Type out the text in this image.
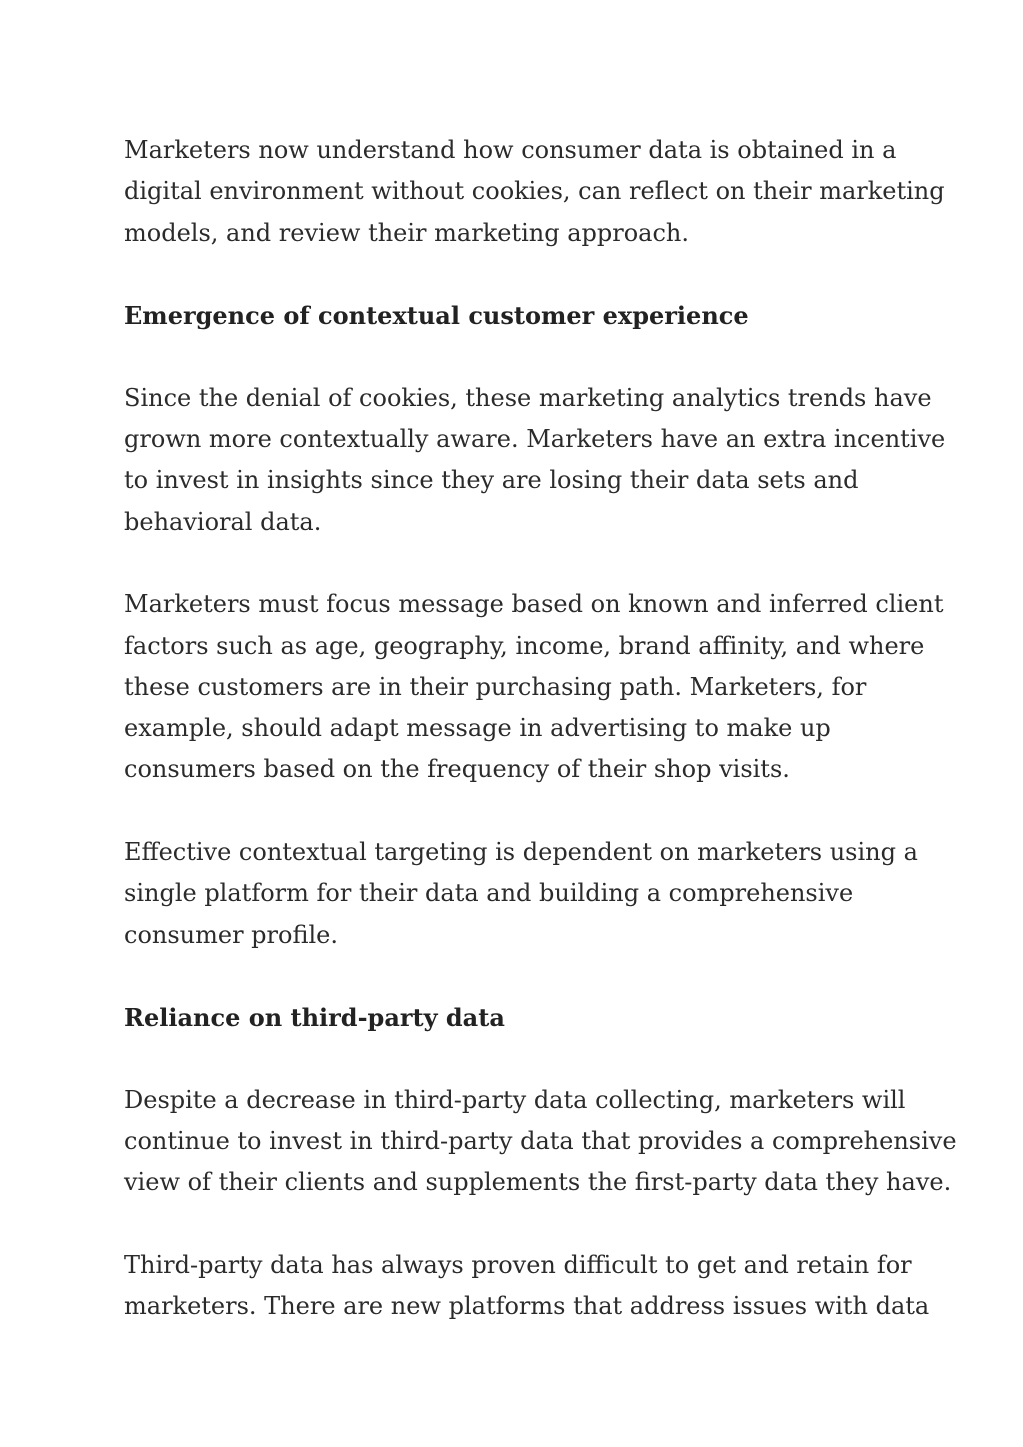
Marketers now understand how consumer data is obtained in a
digital environment without cookies, can reflect on their marketing
models, and review their marketing approach.
Emergence of contextual customer experience
Since the denial of cookies, these marketing analytics trends have
grown more contextually aware. Marketers have an extra incentive
to invest in insights since they are losing their data sets and
behavioral data.
Marketers must focus message based on known and inferred client
factors such as age, geography, income, brand affinity, and where
these customers are in their purchasing path. Marketers, for
example, should adapt message in advertising to make up
consumers based on the frequency of their shop visits.
Effective contextual targeting is dependent on marketers using a
single platform for their data and building a comprehensive
consumer profile.
Reliance on third-party data
Despite a decrease in third-party data collecting, marketers will
continue to invest in third-party data that provides a comprehensive
view of their clients and supplements the first-party data they have.
Third-party data has always proven difficult to get and retain for
marketers. There are new platforms that address issues with data
